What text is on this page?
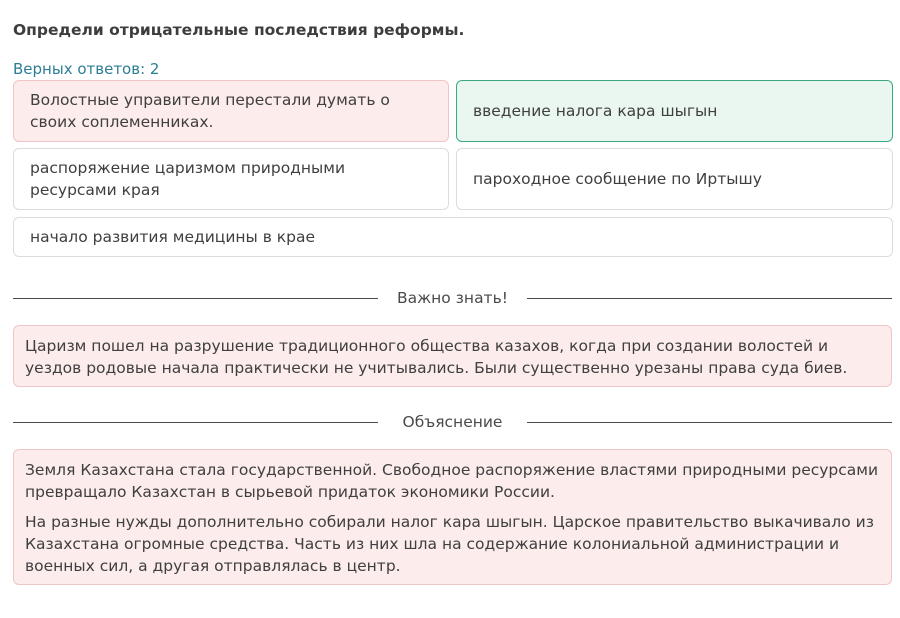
Определи отрицательные последствия реформы.
Верных ответов: 2
Волостные управители перестали думать о своих соплеменниках.
введение налога кара шыгын
распоряжение царизмом природными ресурсами края
пароходное сообщение по Иртышу
начало развития медицины в крае
Важно знать!

Царизм пошел на разрушение традиционного общества казахов, когда при создании волостей и уездов родовые начала практически не учитывались. Были существенно урезаны права суда биев.

Объяснение

Земля Казахстана стала государственной. Свободное распоряжение властями природными ресурсами превращало Казахстан в сырьевой придаток экономики России.

На разные нужды дополнительно собирали налог кара шыгын. Царское правительство выкачивало из Казахстана огромные средства. Часть из них шла на содержание колониальной администрации и военных сил, а другая отправлялась в центр.
